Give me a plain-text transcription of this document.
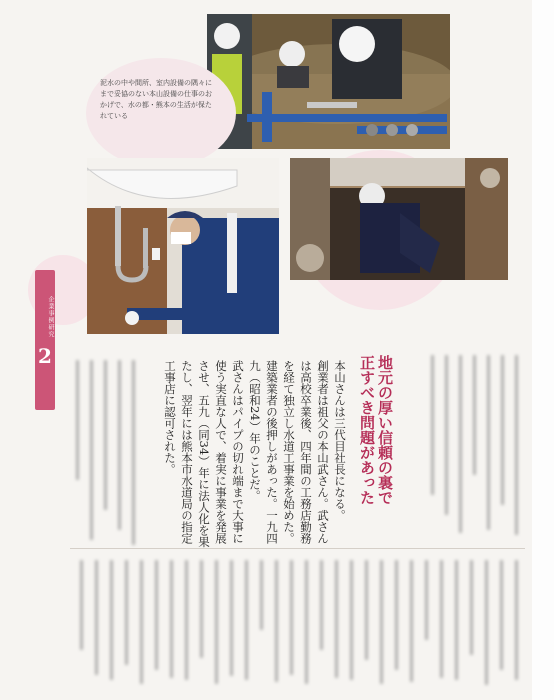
泥水の中や間所、室内設備の隅々にまで妥協のない本山設備の仕事のおかげで、水の都・熊本の生活が保たれている
企業事例研究
2	地元の厚い信頼の裏で
正すべき問題があった

本山さんは三代目社長になる。

創業者は祖父の本山武さん。武さんは高校卒業後、四年間の工務店勤務を経て独立し水道工事業を始めた。建築業者の後押しがあった。一九四九（昭和24）年のことだ。

武さんはパイプの切れ端まで大事に使う実直な人で、着実に事業を発展させ、五九（同34）年に法人化を果たし、翌年には熊本市水道局の指定工事店に認可された。
